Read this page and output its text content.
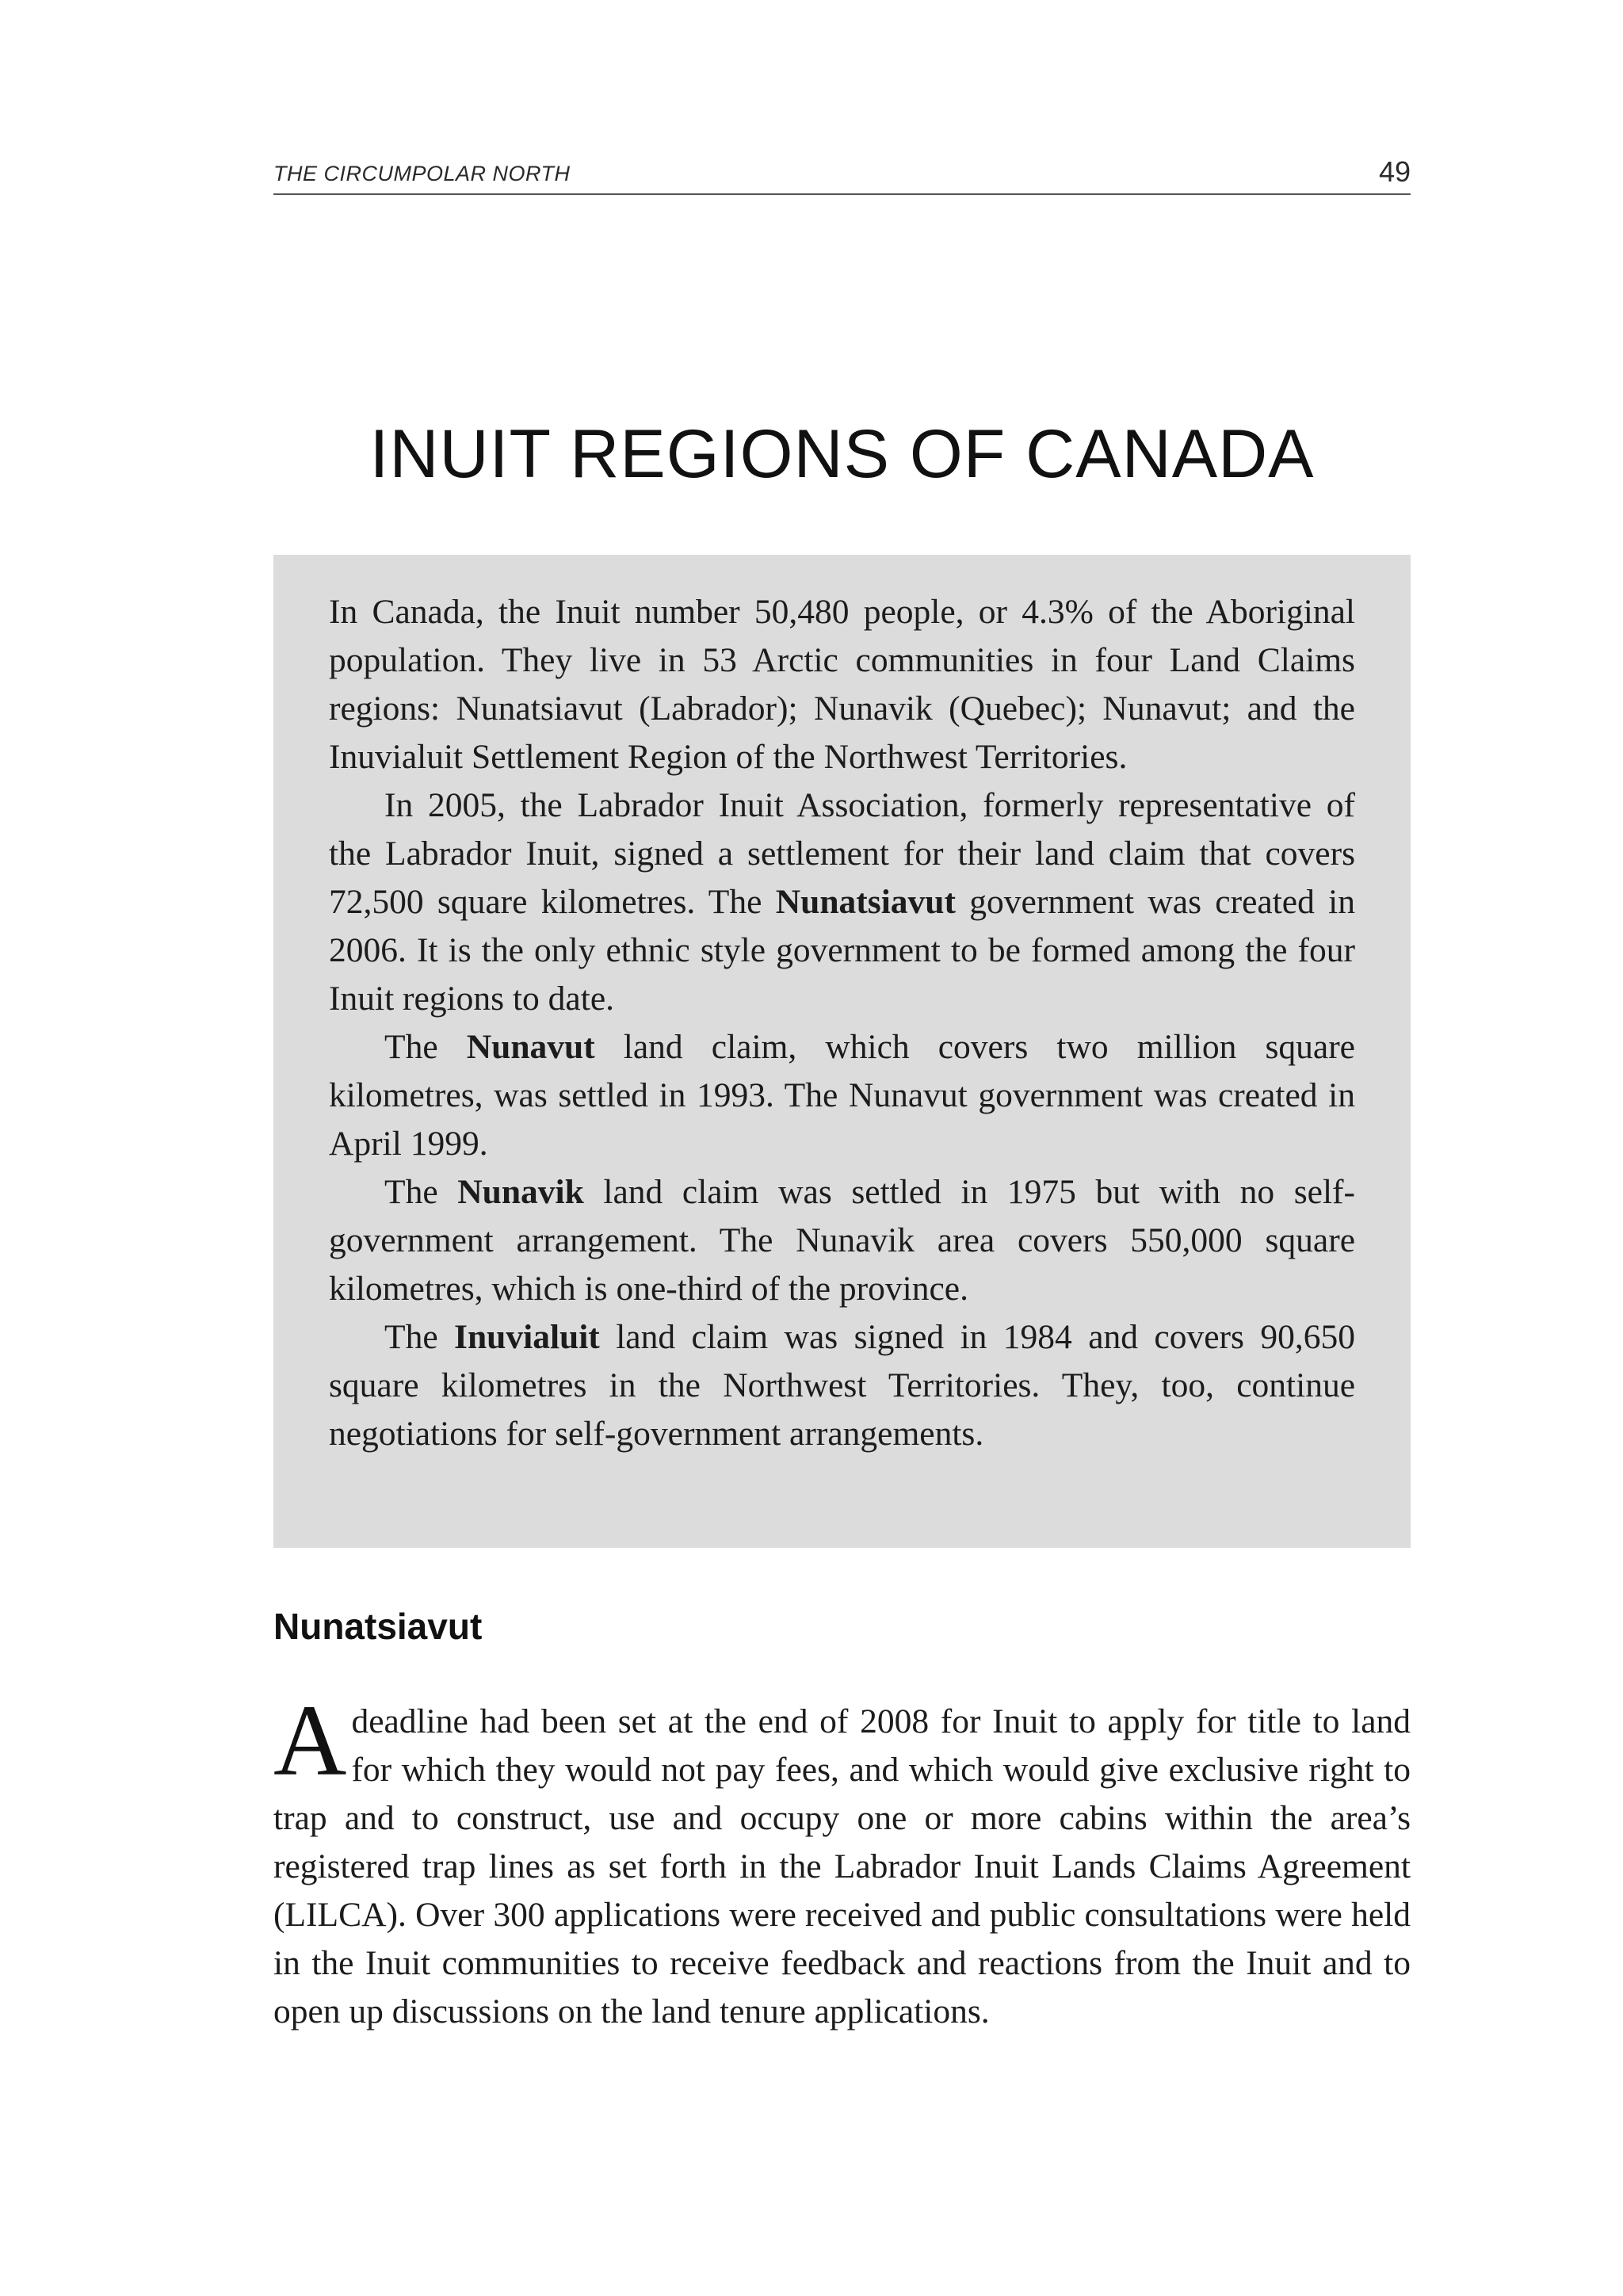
THE CIRCUMPOLAR NORTH	49
INUIT REGIONS OF CANADA

In Canada, the Inuit number 50,480 people, or 4.3% of the Aboriginal population. They live in 53 Arctic communities in four Land Claims regions: Nunatsiavut (Labrador); Nunavik (Quebec); Nunavut; and the Inuvialuit Settlement Region of the Northwest Territories.

In 2005, the Labrador Inuit Association, formerly representative of the Labrador Inuit, signed a settlement for their land claim that covers 72,500 square kilometres. The Nunatsiavut government was created in 2006. It is the only ethnic style government to be formed among the four Inuit regions to date.

The Nunavut land claim, which covers two million square kilometres, was settled in 1993. The Nunavut government was created in April 1999.

The Nunavik land claim was settled in 1975 but with no self-government arrangement. The Nunavik area covers 550,000 square kilometres, which is one-third of the province.

The Inuvialuit land claim was signed in 1984 and covers 90,650 square kilometres in the Northwest Territories. They, too, continue negotiations for self-government arrangements.

Nunatsiavut

A deadline had been set at the end of 2008 for Inuit to apply for title to land for which they would not pay fees, and which would give exclusive right to trap and to construct, use and occupy one or more cabins within the area’s registered trap lines as set forth in the Labrador Inuit Lands Claims Agreement (LILCA). Over 300 applications were received and public consultations were held in the Inuit communities to receive feedback and reactions from the Inuit and to open up discussions on the land tenure applications.
